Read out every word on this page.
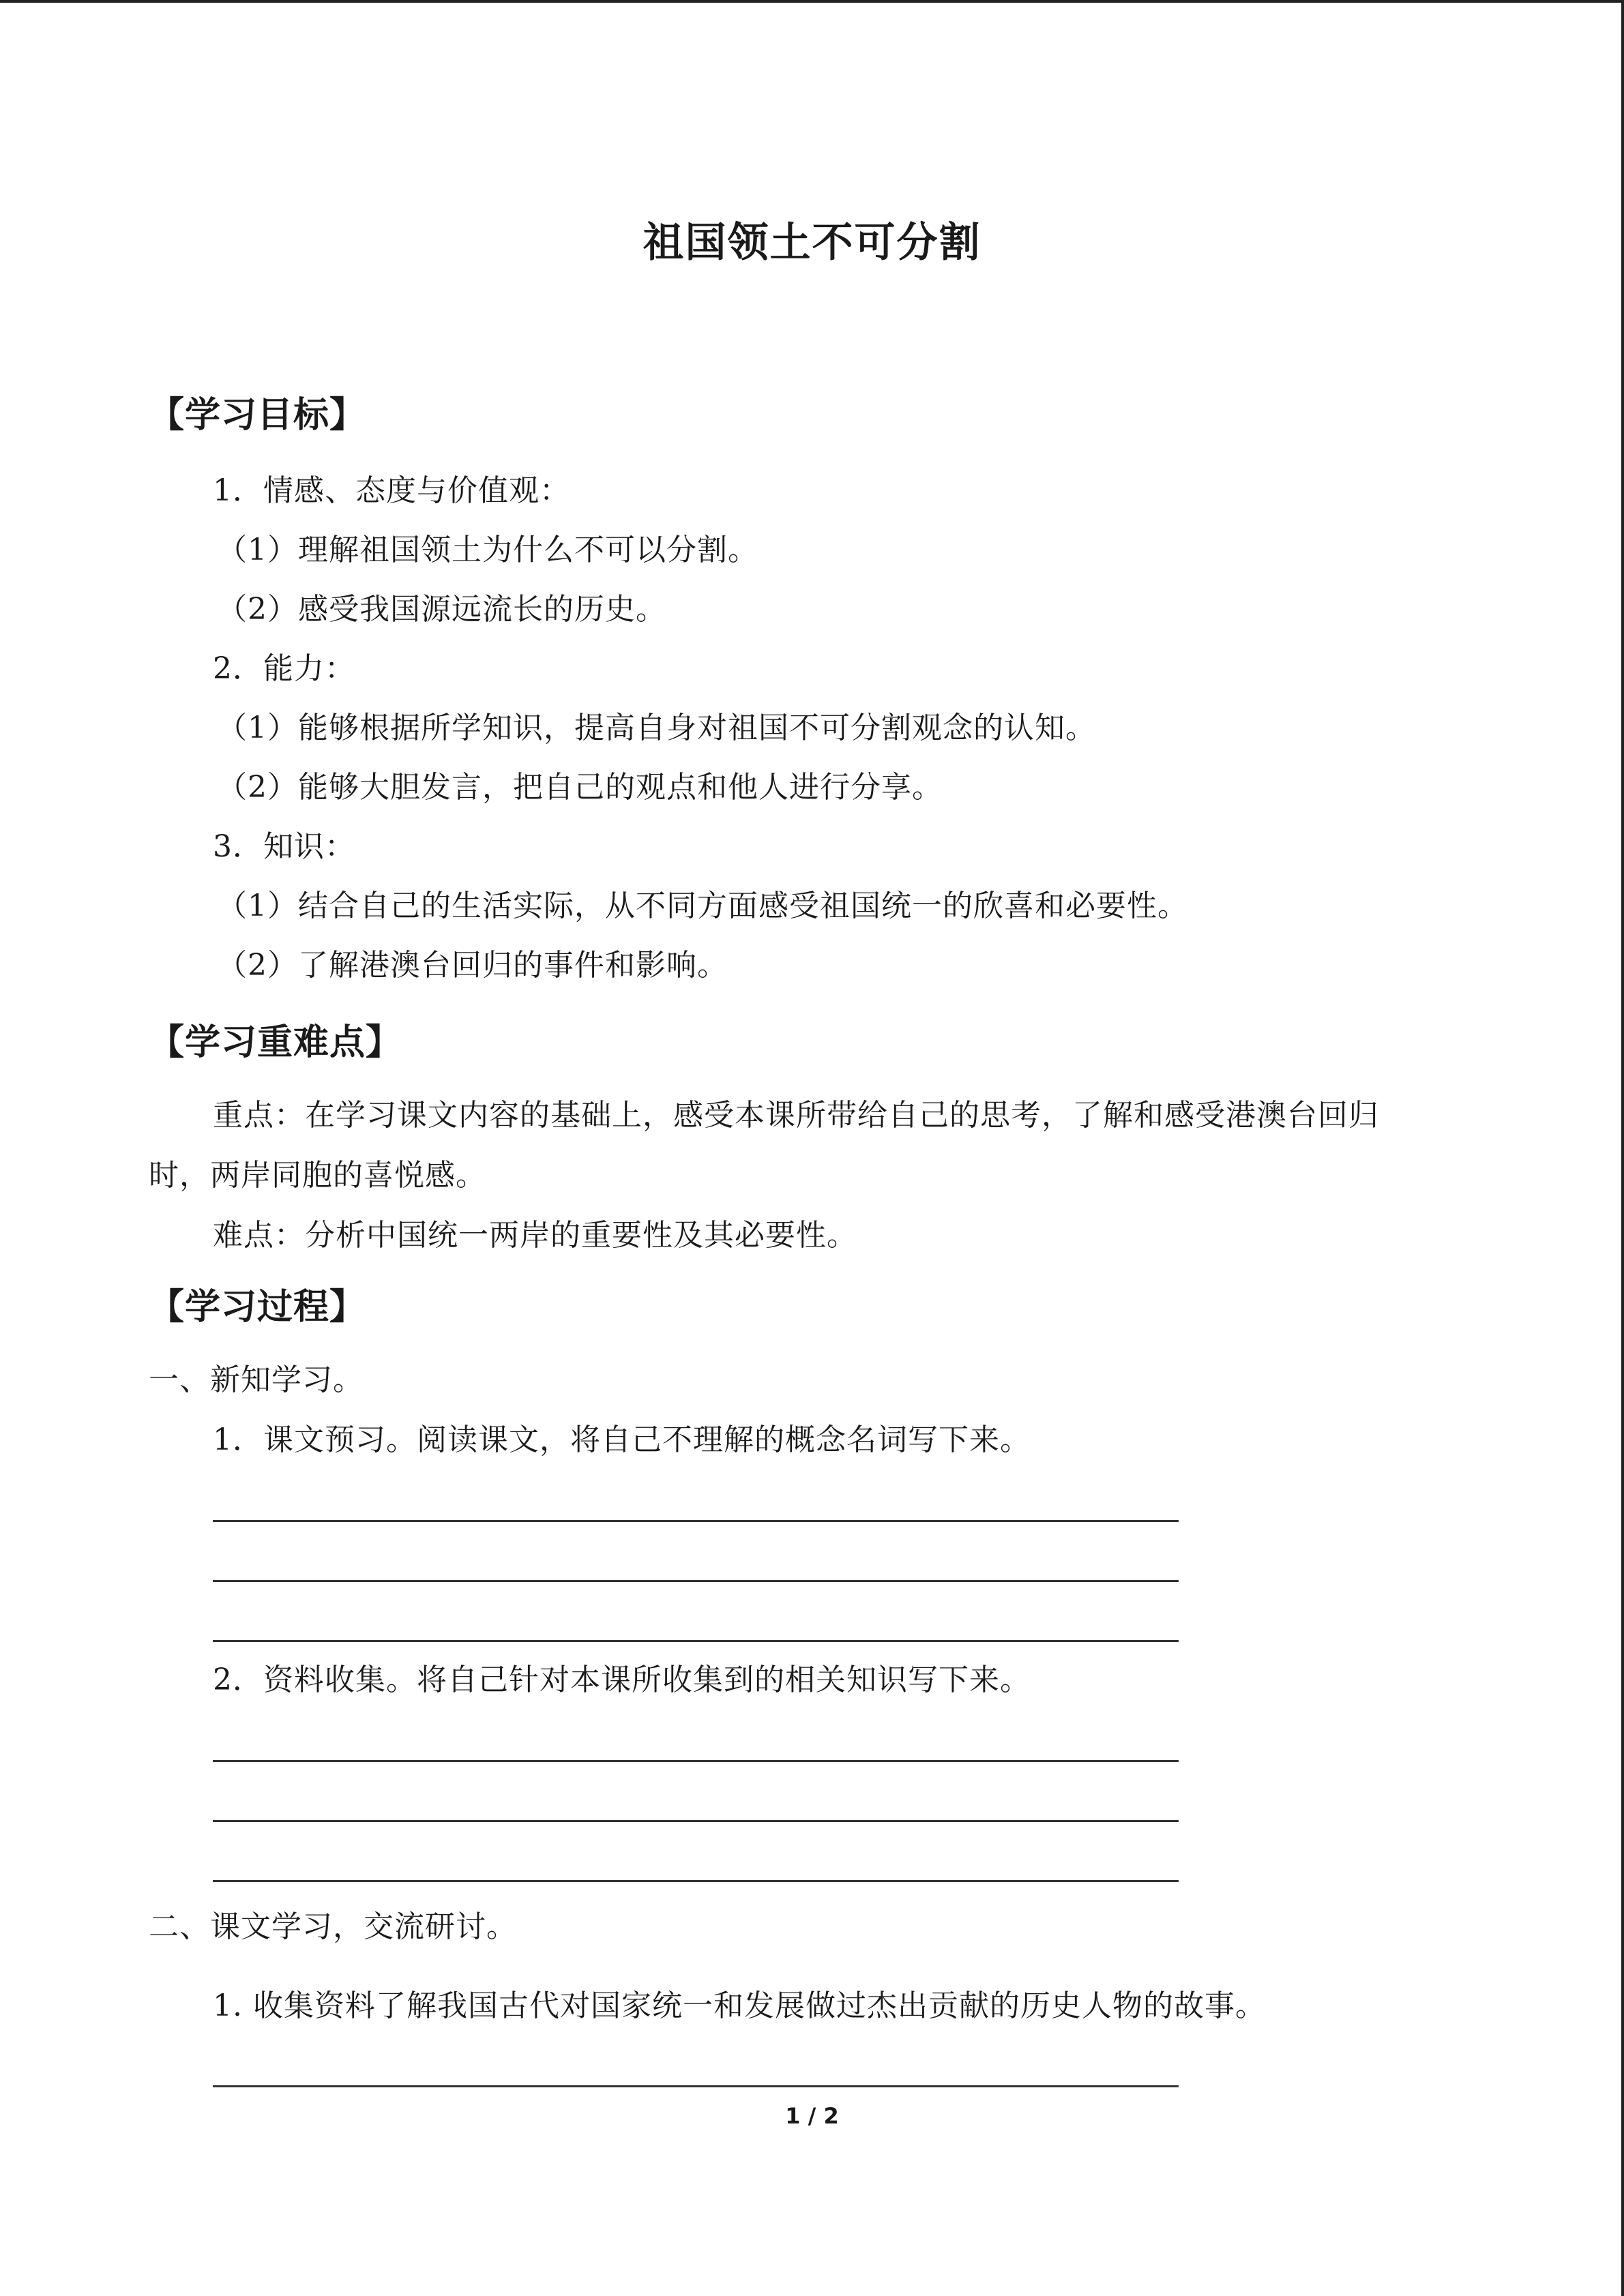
祖国领土不可分割
【学习目标】
1．情感、态度与价值观：
（1）理解祖国领土为什么不可以分割。
（2）感受我国源远流长的历史。
2．能力：
（1）能够根据所学知识，提高自身对祖国不可分割观念的认知。
（2）能够大胆发言，把自己的观点和他人进行分享。
3．知识：
（1）结合自己的生活实际，从不同方面感受祖国统一的欣喜和必要性。
（2）了解港澳台回归的事件和影响。
【学习重难点】
重点：在学习课文内容的基础上，感受本课所带给自己的思考，了解和感受港澳台回归
时，两岸同胞的喜悦感。
难点：分析中国统一两岸的重要性及其必要性。
【学习过程】
一、新知学习。
1．课文预习。阅读课文，将自己不理解的概念名词写下来。
2．资料收集。将自己针对本课所收集到的相关知识写下来。
二、课文学习，交流研讨。
1. 收集资料了解我国古代对国家统一和发展做过杰出贡献的历史人物的故事。
1 / 2
